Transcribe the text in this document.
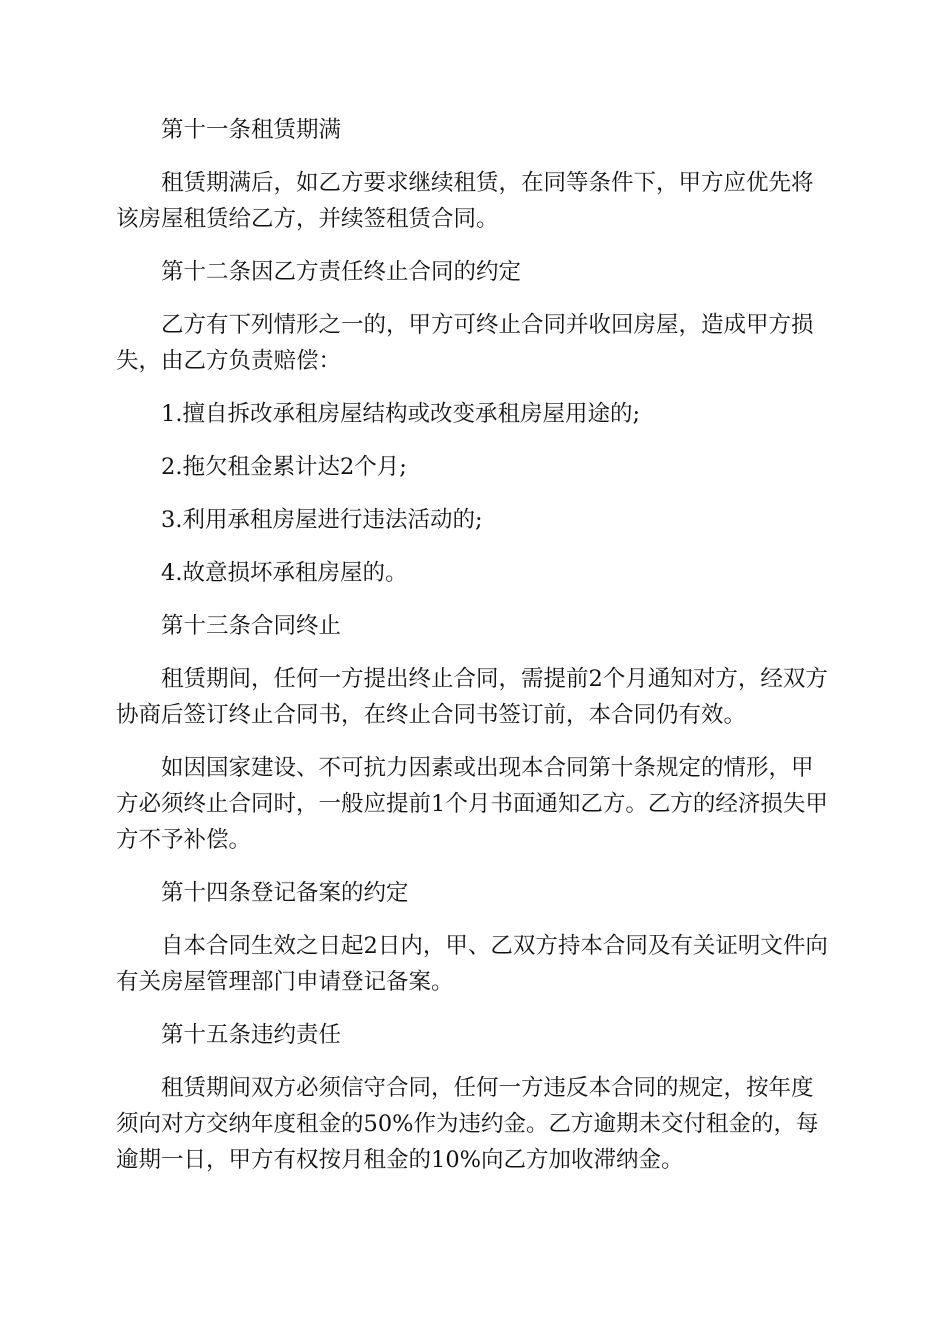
第十一条租赁期满

租赁期满后，如乙方要求继续租赁，在同等条件下，甲方应优先将该房屋租赁给乙方，并续签租赁合同。

第十二条因乙方责任终止合同的约定

乙方有下列情形之一的，甲方可终止合同并收回房屋，造成甲方损失，由乙方负责赔偿：

1.擅自拆改承租房屋结构或改变承租房屋用途的;

2.拖欠租金累计达2个月;

3.利用承租房屋进行违法活动的;

4.故意损坏承租房屋的。

第十三条合同终止

租赁期间，任何一方提出终止合同，需提前2个月通知对方，经双方协商后签订终止合同书，在终止合同书签订前，本合同仍有效。

如因国家建设、不可抗力因素或出现本合同第十条规定的情形，甲方必须终止合同时，一般应提前1个月书面通知乙方。乙方的经济损失甲方不予补偿。

第十四条登记备案的约定

自本合同生效之日起2日内，甲、乙双方持本合同及有关证明文件向有关房屋管理部门申请登记备案。

第十五条违约责任

租赁期间双方必须信守合同，任何一方违反本合同的规定，按年度须向对方交纳年度租金的50%作为违约金。乙方逾期未交付租金的，每逾期一日，甲方有权按月租金的10%向乙方加收滞纳金。
